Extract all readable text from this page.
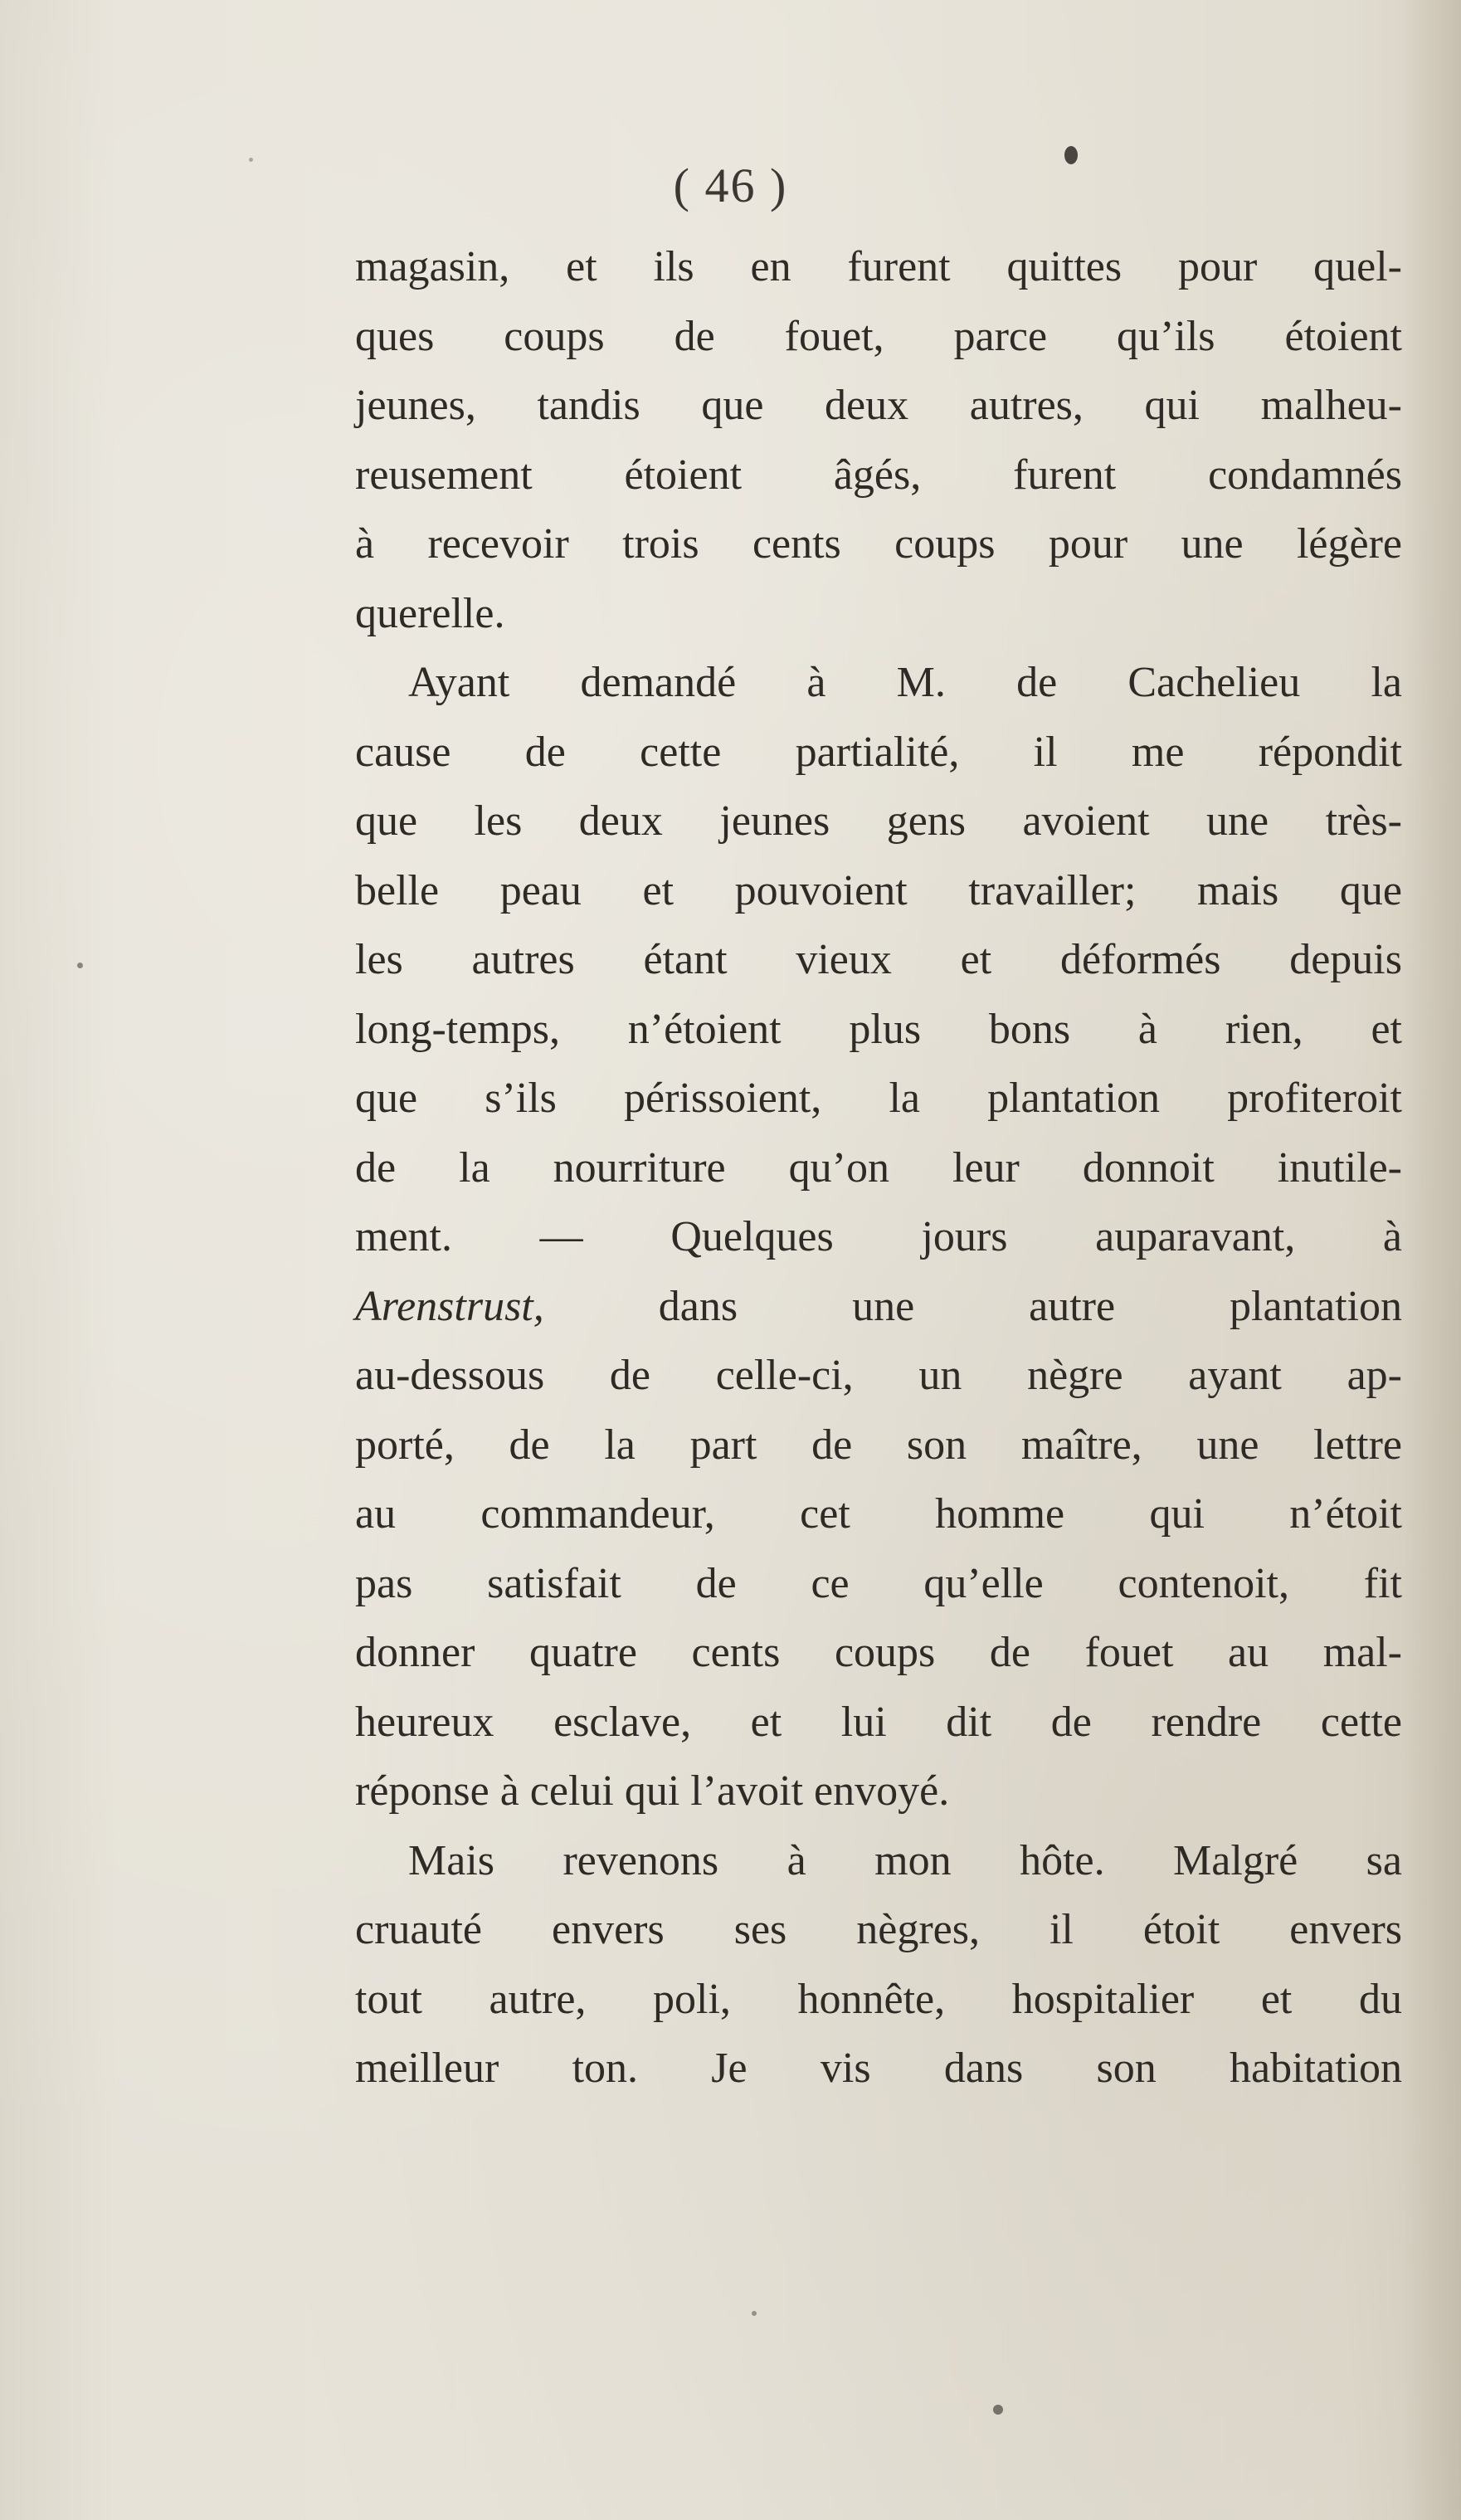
( 46 )
magasin, et ils en furent quittes pour quel-
ques coups de fouet, parce qu’ils étoient
jeunes, tandis que deux autres, qui malheu-
reusement étoient âgés, furent condamnés
à recevoir trois cents coups pour une légère
querelle.
Ayant demandé à M. de Cachelieu la
cause de cette partialité, il me répondit
que les deux jeunes gens avoient une très-
belle peau et pouvoient travailler; mais que
les autres étant vieux et déformés depuis
long-temps, n’étoient plus bons à rien, et
que s’ils périssoient, la plantation profiteroit
de la nourriture qu’on leur donnoit inutile-
ment. — Quelques jours auparavant, à
Arenstrust,	dans une autre plantation
au-dessous de celle-ci, un nègre ayant ap-
porté, de la part de son maître, une lettre
au commandeur, cet homme qui n’étoit
pas satisfait de ce qu’elle contenoit, fit
donner quatre cents coups de fouet au mal-
heureux esclave, et lui dit de rendre cette
réponse à celui qui l’avoit envoyé.
Mais revenons à mon hôte. Malgré sa
cruauté envers ses nègres, il étoit envers
tout autre, poli, honnête, hospitalier et du
meilleur ton. Je vis dans son habitation
